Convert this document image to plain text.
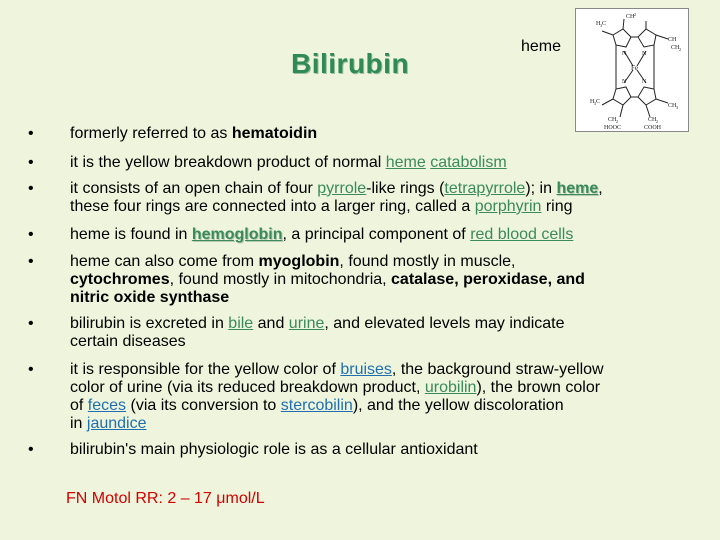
Bilirubin
heme
CH 2
H 3 C
CH
CH 2
N	N
Fe
N	N
H 3 C
CH 3
CH 2	CH 2
HOOC	COOH
•	formerly referred to as hematoidin
•	it is the yellow breakdown product of normal heme catabolism
•	it consists of an open chain of four pyrrole-like rings (tetrapyrrole); in heme,
these four rings are connected into a larger ring, called a porphyrin ring
•	heme is found in hemoglobin, a principal component of red blood cells
•	heme can also come from myoglobin, found mostly in muscle,
cytochromes, found mostly in mitochondria, catalase, peroxidase, and
nitric oxide synthase
•	bilirubin is excreted in bile and urine, and elevated levels may indicate
certain diseases
•	it is responsible for the yellow color of bruises, the background straw-yellow
color of urine (via its reduced breakdown product, urobilin), the brown color
of feces (via its conversion to stercobilin), and the yellow discoloration
in jaundice
•	bilirubin's main physiologic role is as a cellular antioxidant
FN Motol RR: 2 – 17 μmol/L
